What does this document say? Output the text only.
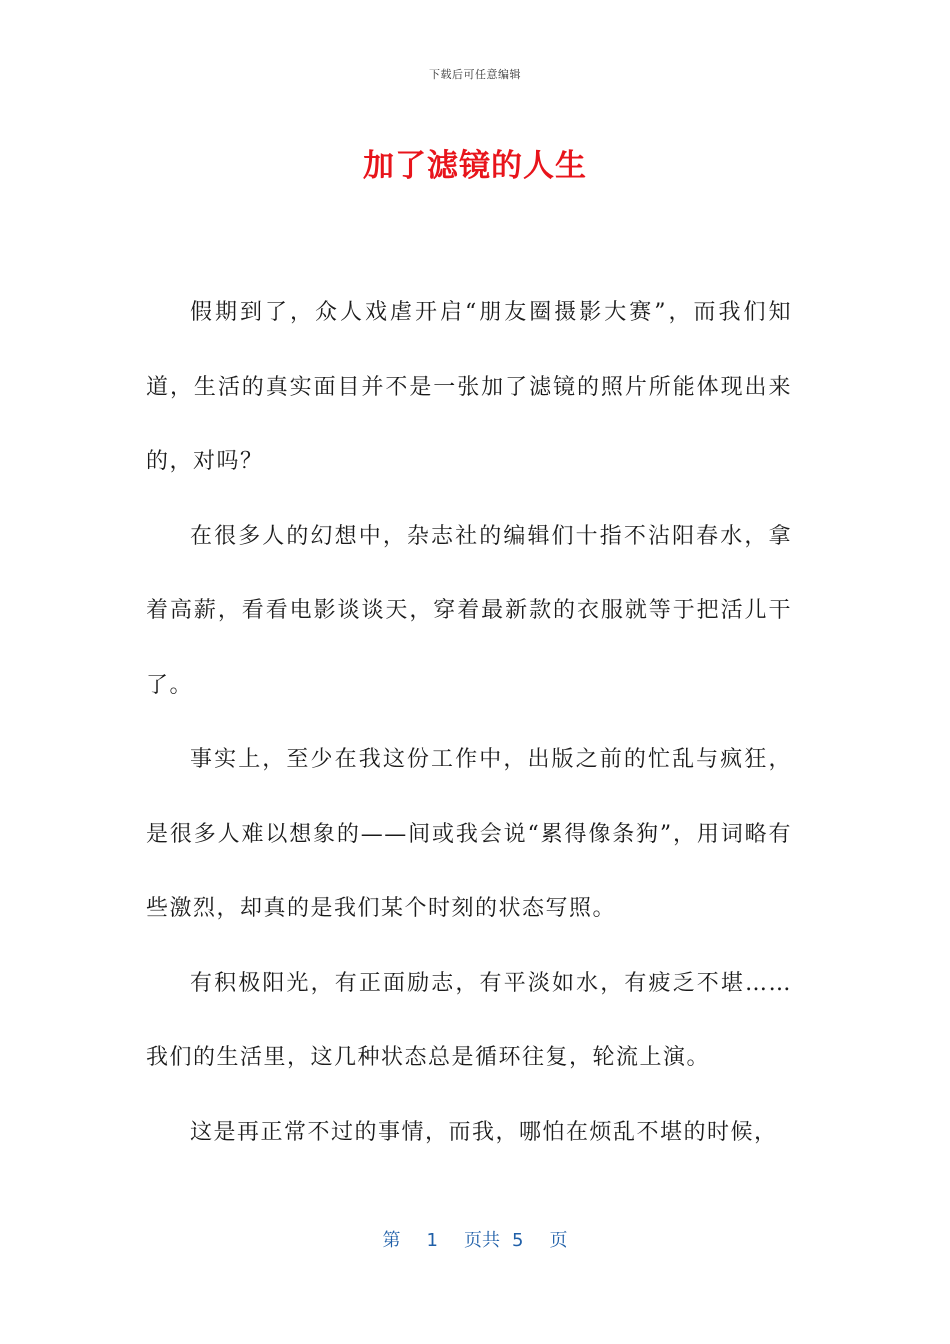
下载后可任意编辑
加了滤镜的人生

假期到了，众人戏虐开启“朋友圈摄影大赛”，而我们知道，生活的真实面目并不是一张加了滤镜的照片所能体现出来的，对吗？

在很多人的幻想中，杂志社的编辑们十指不沾阳春水，拿着高薪，看看电影谈谈天，穿着最新款的衣服就等于把活儿干了。

事实上，至少在我这份工作中，出版之前的忙乱与疯狂，是很多人难以想象的——间或我会说“累得像条狗”，用词略有些激烈，却真的是我们某个时刻的状态写照。

有积极阳光，有正面励志，有平淡如水，有疲乏不堪……我们的生活里，这几种状态总是循环往复，轮流上演。

这是再正常不过的事情，而我，哪怕在烦乱不堪的时候，

第 1 页共 5 页
